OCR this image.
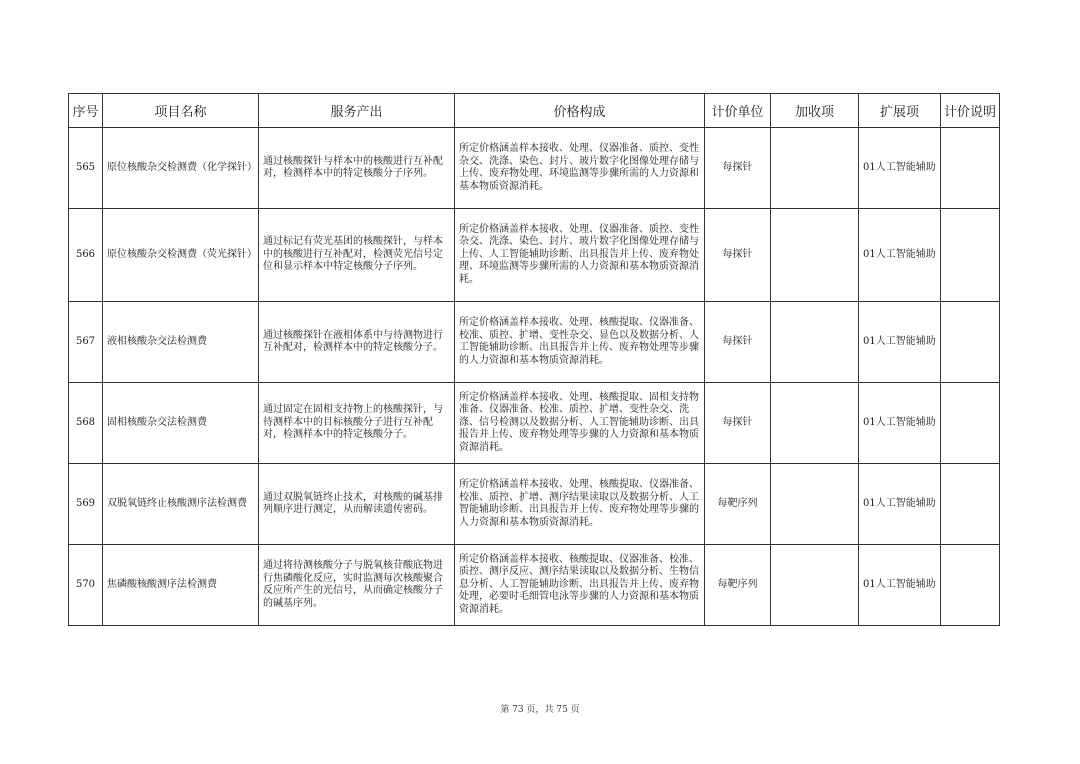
序号	项目名称	服务产出	价格构成	计价单位	加收项	扩展项	计价说明
565	原位核酸杂交检测费（化学探针）	通过核酸探针与样本中的核酸进行互补配对，检测样本中的特定核酸分子序列。	所定价格涵盖样本接收、处理、仪器准备、质控、变性杂交、洗涤、染色、封片、玻片数字化图像处理存储与上传、废弃物处理、环境监测等步骤所需的人力资源和基本物质资源消耗。	每探针		01人工智能辅助	
566	原位核酸杂交检测费（荧光探针）	通过标记有荧光基团的核酸探针，与样本中的核酸进行互补配对，检测荧光信号定位和显示样本中特定核酸分子序列。	所定价格涵盖样本接收、处理、仪器准备、质控、变性杂交、洗涤、染色、封片、玻片数字化图像处理存储与上传、人工智能辅助诊断、出具报告并上传、废弃物处理、环境监测等步骤所需的人力资源和基本物质资源消耗。	每探针		01人工智能辅助	
567	液相核酸杂交法检测费	通过核酸探针在液相体系中与待测物进行互补配对，检测样本中的特定核酸分子。	所定价格涵盖样本接收、处理、核酸提取、仪器准备、校准、质控、扩增、变性杂交、显色以及数据分析、人工智能辅助诊断、出具报告并上传、废弃物处理等步骤的人力资源和基本物质资源消耗。	每探针		01人工智能辅助	
568	固相核酸杂交法检测费	通过固定在固相支持物上的核酸探针，与待测样本中的目标核酸分子进行互补配对，检测样本中的特定核酸分子。	所定价格涵盖样本接收、处理、核酸提取、固相支持物准备、仪器准备、校准、质控、扩增、变性杂交、洗涤、信号检测以及数据分析、人工智能辅助诊断、出具报告并上传、废弃物处理等步骤的人力资源和基本物质资源消耗。	每探针		01人工智能辅助	
569	双脱氧链终止核酸测序法检测费	通过双脱氧链终止技术，对核酸的碱基排列顺序进行测定，从而解读遗传密码。	所定价格涵盖样本接收、处理、核酸提取、仪器准备、校准、质控、扩增、测序结果读取以及数据分析、人工智能辅助诊断、出具报告并上传、废弃物处理等步骤的人力资源和基本物质资源消耗。	每靶序列		01人工智能辅助	
570	焦磷酸核酸测序法检测费	通过将待测核酸分子与脱氧核苷酸底物进行焦磷酸化反应，实时监测每次核酸聚合反应所产生的光信号，从而确定核酸分子的碱基序列。	所定价格涵盖样本接收、核酸提取、仪器准备、校准、质控、测序反应、测序结果读取以及数据分析、生物信息分析、人工智能辅助诊断、出具报告并上传、废弃物处理，必要时毛细管电泳等步骤的人力资源和基本物质资源消耗。	每靶序列		01人工智能辅助	
第 73 页，共 75 页
